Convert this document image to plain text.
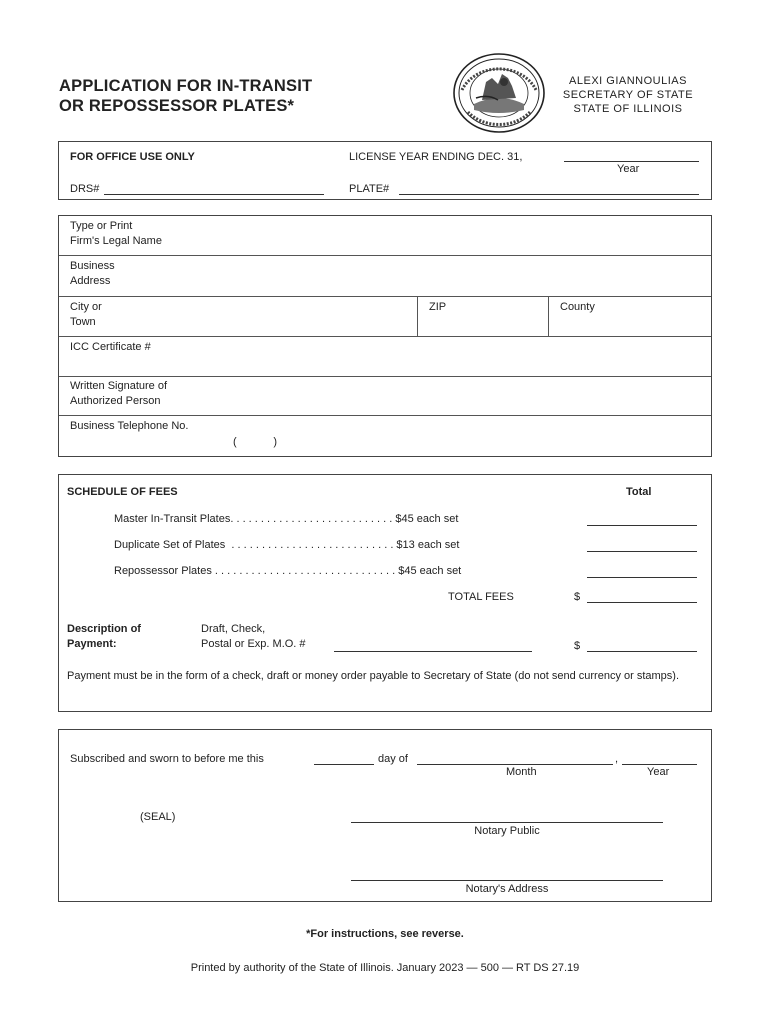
APPLICATION FOR IN-TRANSIT
OR REPOSSESSOR PLATES*
ALEXI GIANNOULIAS
SECRETARY OF STATE
STATE OF ILLINOIS
FOR OFFICE USE ONLY	LICENSE YEAR ENDING DEC. 31,
Year
DRS#	PLATE#
Type or Print
Firm's Legal Name
Business
Address
City or
Town
ZIP	County
ICC Certificate #
Written Signature of
Authorized Person
Business Telephone No.
(            )
SCHEDULE OF FEES	Total
Master In-Transit Plates. . . . . . . . . . . . . . . . . . . . . . . . . . . $45 each set
Duplicate Set of Plates  . . . . . . . . . . . . . . . . . . . . . . . . . . . $13 each set
Repossessor Plates . . . . . . . . . . . . . . . . . . . . . . . . . . . . . . $45 each set
TOTAL FEES	$
Description of
Payment:
Draft, Check,
Postal or Exp. M.O. #	$
Payment must be in the form of a check, draft or money order payable to Secretary of State (do not send currency or stamps).
Subscribed and sworn to before me this	day of	,
Month	Year
(SEAL)
Notary Public
Notary's Address
*For instructions, see reverse.
Printed by authority of the State of Illinois. January 2023 — 500 — RT DS 27.19
